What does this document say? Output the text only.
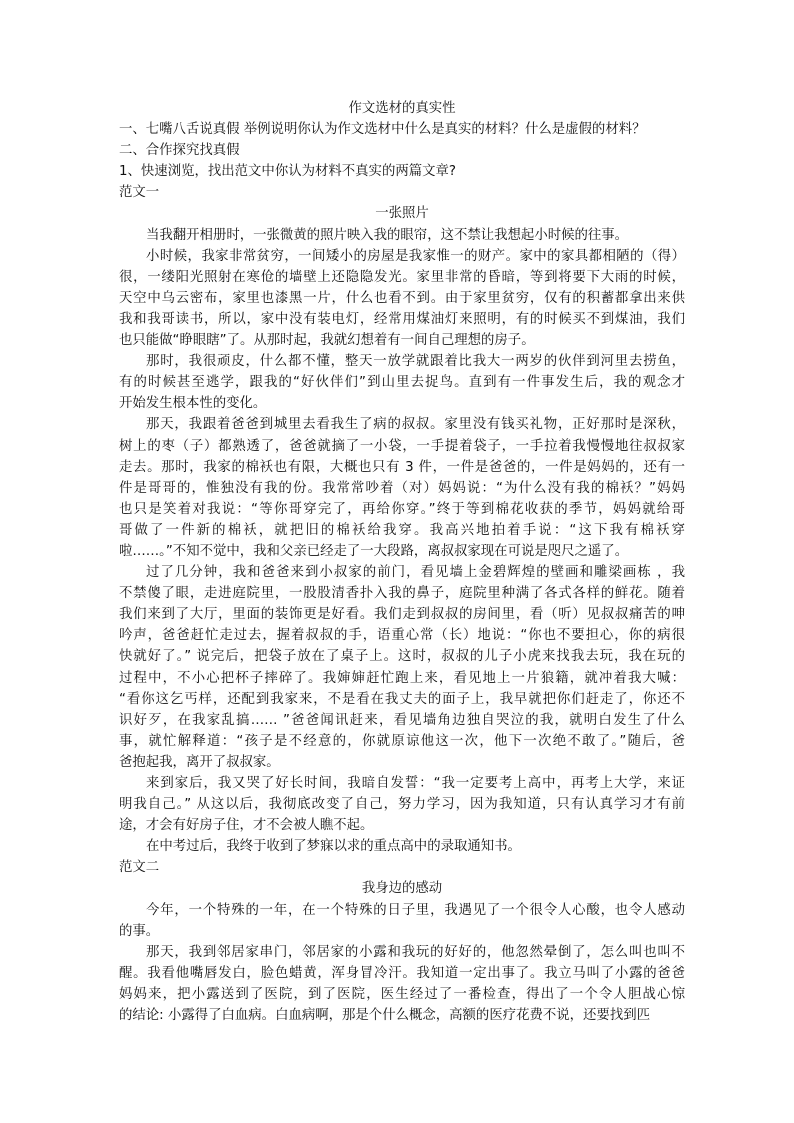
作文选材的真实性
一、七嘴八舌说真假 举例说明你认为作文选材中什么是真实的材料？什么是虚假的材料？
二、合作探究找真假
1、快速浏览，找出范文中你认为材料不真实的两篇文章?
范文一
一张照片
当我翻开相册时，一张微黄的照片映入我的眼帘，这不禁让我想起小时候的往事。
小时候，我家非常贫穷，一间矮小的房屋是我家惟一的财产。家中的家具都相陋的（得）
很，一缕阳光照射在寒伧的墙壁上还隐隐发光。家里非常的昏暗，等到将要下大雨的时候，
天空中乌云密布，家里也漆黑一片，什么也看不到。由于家里贫穷，仅有的积蓄都拿出来供
我和我哥读书，所以，家中没有装电灯，经常用煤油灯来照明，有的时候买不到煤油，我们
也只能做“睁眼瞎”了。从那时起，我就幻想着有一间自己理想的房子。
那时，我很顽皮，什么都不懂，整天一放学就跟着比我大一两岁的伙伴到河里去捞鱼，
有的时候甚至逃学，跟我的“好伙伴们”到山里去捉鸟。直到有一件事发生后，我的观念才
开始发生根本性的变化。
那天，我跟着爸爸到城里去看我生了病的叔叔。家里没有钱买礼物，正好那时是深秋，
树上的枣（子）都熟透了，爸爸就摘了一小袋，一手提着袋子，一手拉着我慢慢地往叔叔家
走去。那时，我家的棉袄也有限，大概也只有 3 件，一件是爸爸的，一件是妈妈的，还有一
件是哥哥的，惟独没有我的份。我常常吵着（对）妈妈说：“为什么没有我的棉袄？”妈妈
也只是笑着对我说：“等你哥穿完了，再给你穿。”终于等到棉花收获的季节，妈妈就给哥
哥做了一件新的棉袄，就把旧的棉袄给我穿。我高兴地拍着手说：“这下我有棉袄穿
啦……。”不知不觉中，我和父亲已经走了一大段路，离叔叔家现在可说是咫尺之遥了。
过了几分钟，我和爸爸来到小叔家的前门，看见墙上金碧辉煌的壁画和雕梁画栋 ，我
不禁傻了眼，走进庭院里，一股股清香扑入我的鼻子，庭院里种满了各式各样的鲜花。随着
我们来到了大厅，里面的装饰更是好看。我们走到叔叔的房间里，看（听）见叔叔痛苦的呻
吟声，爸爸赶忙走过去，握着叔叔的手，语重心常（长）地说：“你也不要担心，你的病很
快就好了。” 说完后，把袋子放在了桌子上。这时，叔叔的儿子小虎来找我去玩，我在玩的
过程中，不小心把杯子摔碎了。我婶婶赶忙跑上来，看见地上一片狼籍，就冲着我大喊：
“看你这乞丐样，还配到我家来，不是看在我丈夫的面子上，我早就把你们赶走了，你还不
识好歹，在我家乱搞…… ”爸爸闻讯赶来，看见墙角边独自哭泣的我，就明白发生了什么
事，就忙解释道：“孩子是不经意的，你就原谅他这一次，他下一次绝不敢了。”随后，爸
爸抱起我，离开了叔叔家。
来到家后，我又哭了好长时间，我暗自发誓：“我一定要考上高中，再考上大学，来证
明我自己。” 从这以后，我彻底改变了自己，努力学习，因为我知道，只有认真学习才有前
途，才会有好房子住，才不会被人瞧不起。
在中考过后，我终于收到了梦寐以求的重点高中的录取通知书。
范文二
我身边的感动
今年，一个特殊的一年，在一个特殊的日子里，我遇见了一个很令人心酸，也令人感动
的事。
那天，我到邻居家串门，邻居家的小露和我玩的好好的，他忽然晕倒了，怎么叫也叫不
醒。我看他嘴唇发白，脸色蜡黄，浑身冒冷汗。我知道一定出事了。我立马叫了小露的爸爸
妈妈来，把小露送到了医院，到了医院，医生经过了一番检查，得出了一个令人胆战心惊
的结论: 小露得了白血病。白血病啊，那是个什么概念，高额的医疗花费不说，还要找到匹
